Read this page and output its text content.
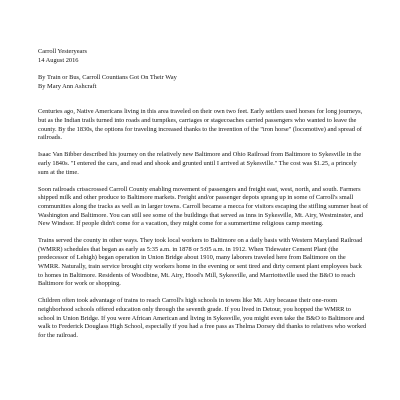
Carroll Yesteryears

14 August 2016

By Train or Bus, Carroll Countians Got On Their Way

By Mary Ann Ashcraft

Centuries ago, Native Americans living in this area traveled on their own two feet. Early settlers used horses for long journeys, but as the Indian trails turned into roads and turnpikes, carriages or stagecoaches carried passengers who wanted to leave the county. By the 1830s, the options for traveling increased thanks to the invention of the "iron horse" (locomotive) and spread of railroads.

Isaac Van Bibber described his journey on the relatively new Baltimore and Ohio Railroad from Baltimore to Sykesville in the early 1840s. "I entered the cars, and read and shook and grunted until I arrived at Sykesville." The cost was $1.25, a princely sum at the time.

Soon railroads crisscrossed Carroll County enabling movement of passengers and freight east, west, north, and south. Farmers shipped milk and other produce to Baltimore markets. Freight and/or passenger depots sprang up in some of Carroll's small communities along the tracks as well as in larger towns. Carroll became a mecca for visitors escaping the stifling summer heat of Washington and Baltimore. You can still see some of the buildings that served as inns in Sykesville, Mt. Airy, Westminster, and New Windsor. If people didn't come for a vacation, they might come for a summertime religious camp meeting.

Trains served the county in other ways. They took local workers to Baltimore on a daily basis with Western Maryland Railroad (WMRR) schedules that began as early as 5:35 a.m. in 1878 or 5:05 a.m. in 1912. When Tidewater Cement Plant (the predecessor of Lehigh) began operation in Union Bridge about 1910, many laborers traveled here from Baltimore on the WMRR. Naturally, train service brought city workers home in the evening or sent tired and dirty cement plant employees back to homes in Baltimore. Residents of Woodbine, Mt. Airy, Hood's Mill, Sykesville, and Marriottsville used the B&O to reach Baltimore for work or shopping.

Children often took advantage of trains to reach Carroll's high schools in towns like Mt. Airy because their one-room neighborhood schools offered education only through the seventh grade. If you lived in Detour, you hopped the WMRR to school in Union Bridge. If you were African American and living in Sykesville, you might even take the B&O to Baltimore and walk to Frederick Douglass High School, especially if you had a free pass as Thelma Dorsey did thanks to relatives who worked for the railroad.
